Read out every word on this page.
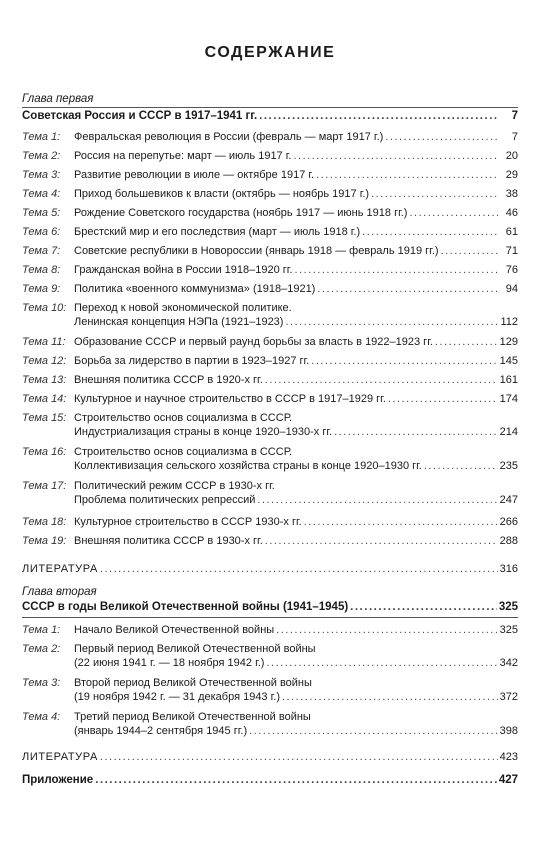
СОДЕРЖАНИЕ
Глава первая
Советская Россия и СССР в 1917–1941 гг. .....	7
Тема 1: Февральская революция в России (февраль — март 1917 г.) .....	7
Тема 2: Россия на перепутье: март — июль 1917 г. .....	20
Тема 3: Развитие революции в июле — октябре 1917 г. .....	29
Тема 4: Приход большевиков к власти (октябрь — ноябрь 1917 г.) .....	38
Тема 5: Рождение Советского государства (ноябрь 1917 — июнь 1918 гг.) .....	46
Тема 6: Брестский мир и его последствия (март — июль 1918 г.) .....	61
Тема 7: Советские республики в Новороссии (январь 1918 — февраль 1919 гг.) .....	71
Тема 8: Гражданская война в России 1918–1920 гг. .....	76
Тема 9: Политика «военного коммунизма» (1918–1921) .....	94
Тема 10: Переход к новой экономической политике.
Ленинская концепция НЭПа (1921–1923) .....	112
Тема 11: Образование СССР и первый раунд борьбы за власть в 1922–1923 гг. .....	129
Тема 12: Борьба за лидерство в партии в 1923–1927 гг. .....	145
Тема 13: Внешняя политика СССР в 1920-х гг. .....	161
Тема 14: Культурное и научное строительство в СССР в 1917–1929 гг. .....	174
Тема 15: Строительство основ социализма в СССР.
Индустриализация страны в конце 1920–1930-х гг. .....	214
Тема 16: Строительство основ социализма в СССР.
Коллективизация сельского хозяйства страны в конце 1920–1930 гг. .....	235
Тема 17: Политический режим СССР в 1930-х гг.
Проблема политических репрессий .....	247
Тема 18: Культурное строительство в СССР 1930-х гг. .....	266
Тема 19: Внешняя политика СССР в 1930-х гг. .....	288
ЛИТЕРАТУРА .....	316
Глава вторая
СССР в годы Великой Отечественной войны (1941–1945) .....	325
Тема 1: Начало Великой Отечественной войны .....	325
Тема 2: Первый период Великой Отечественной войны
(22 июня 1941 г. — 18 ноября 1942 г.) .....	342
Тема 3: Второй период Великой Отечественной войны
(19 ноября 1942 г. — 31 декабря 1943 г.) .....	372
Тема 4: Третий период Великой Отечественной войны
(январь 1944–2 сентября 1945 гг.) .....	398
ЛИТЕРАТУРА .....	423
Приложение .....	427
